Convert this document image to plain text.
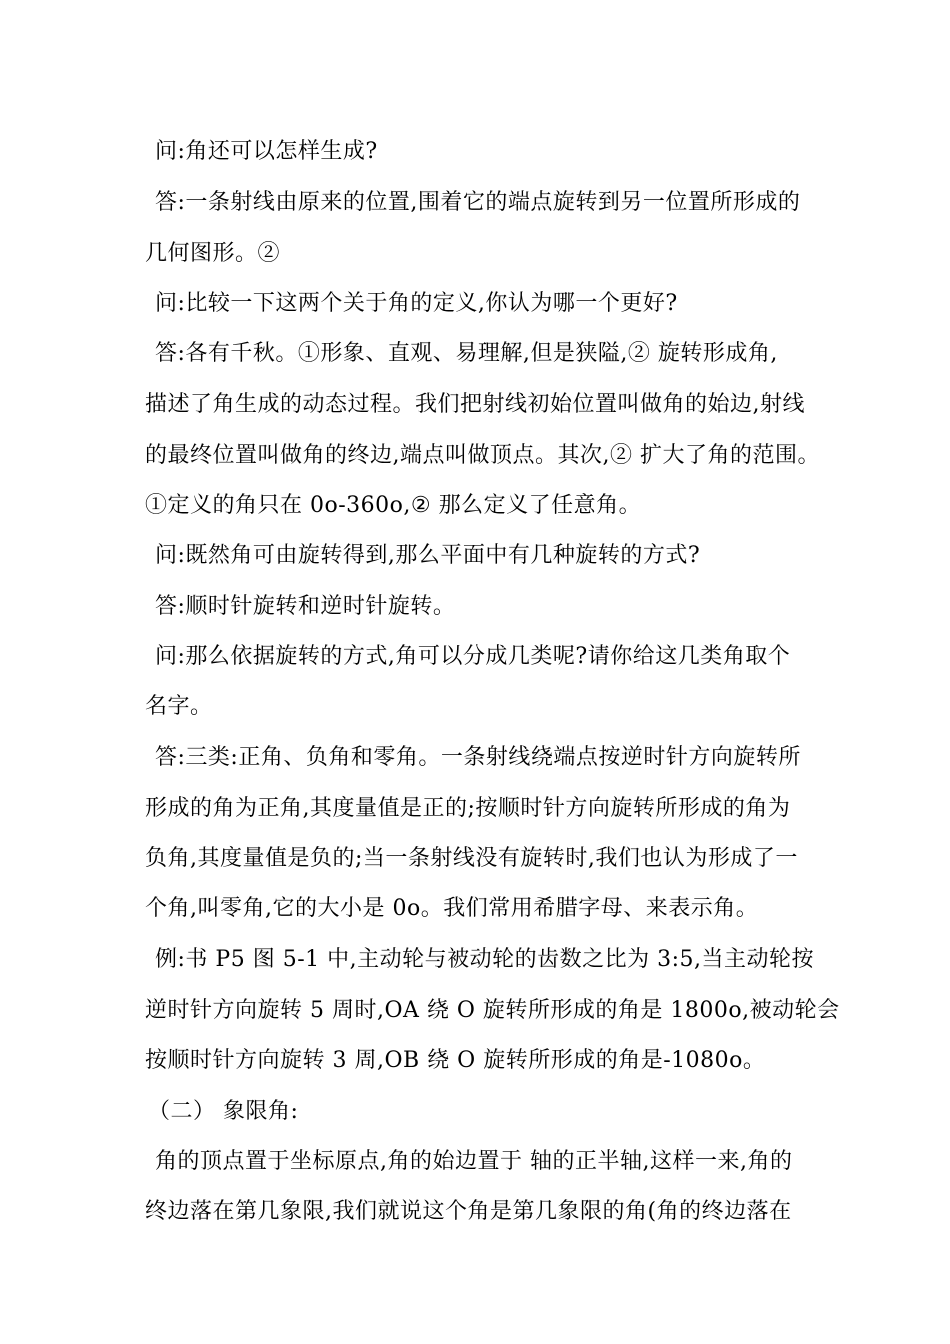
问:角还可以怎样生成?
答:一条射线由原来的位置,围着它的端点旋转到另一位置所形成的
几何图形。②
问:比较一下这两个关于角的定义,你认为哪一个更好?
答:各有千秋。①形象、直观、易理解,但是狭隘,② 旋转形成角,
描述了角生成的动态过程。我们把射线初始位置叫做角的始边,射线
的最终位置叫做角的终边,端点叫做顶点。其次,② 扩大了角的范围。
①定义的角只在 0o-360o,② 那么定义了任意角。
问:既然角可由旋转得到,那么平面中有几种旋转的方式?
答:顺时针旋转和逆时针旋转。
问:那么依据旋转的方式,角可以分成几类呢?请你给这几类角取个
名字。
答:三类:正角、负角和零角。一条射线绕端点按逆时针方向旋转所
形成的角为正角,其度量值是正的;按顺时针方向旋转所形成的角为
负角,其度量值是负的;当一条射线没有旋转时,我们也认为形成了一
个角,叫零角,它的大小是 0o。我们常用希腊字母、来表示角。
例:书 P5 图 5-1 中,主动轮与被动轮的齿数之比为 3:5,当主动轮按
逆时针方向旋转 5 周时,OA 绕 O 旋转所形成的角是 1800o,被动轮会
按顺时针方向旋转 3 周,OB 绕 O 旋转所形成的角是-1080o。
（二） 象限角:
角的顶点置于坐标原点,角的始边置于 轴的正半轴,这样一来,角的
终边落在第几象限,我们就说这个角是第几象限的角(角的终边落在
